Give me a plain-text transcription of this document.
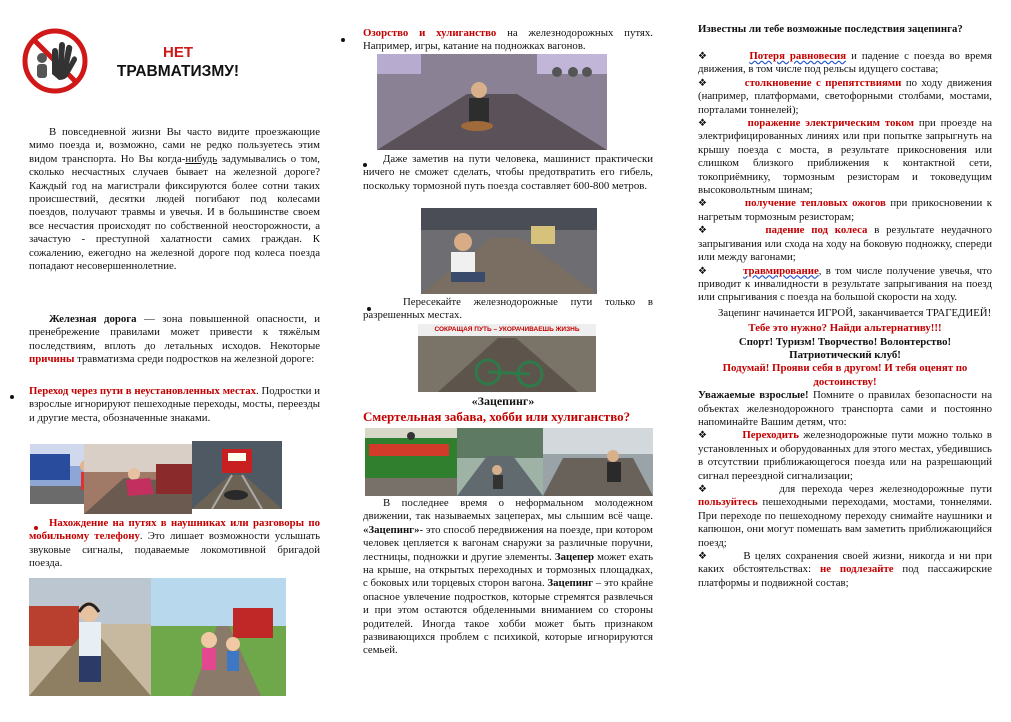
НЕТ
ТРАВМАТИЗМУ!

В повседневной жизни Вы часто видите проезжающие мимо поезда и, возможно, сами не редко пользуетесь этим видом транспорта. Но Вы когда-нибудь задумывались о том, сколько несчастных случаев бывает на железной дороге? Каждый год на магистрали фиксируются более сотни таких происшествий, десятки людей погибают под колесами поездов, получают травмы и увечья. И в большинстве своем все несчастия происходят по собственной неосторожности, а зачастую - преступной халатности самих граждан. К сожалению, ежегодно на железной дороге под колеса поезда попадают несовершеннолетние.

Железная дорога — зона повышенной опасности, и пренебрежение правилами может привести к тяжёлым последствиям, вплоть до летальных исходов. Некоторые причины травматизма среди подростков на железной дороге:

Переход через пути в неустановленных местах. Подростки и взрослые игнорируют пешеходные переходы, мосты, переезды и другие места, обозначенные знаками.

Нахождение на путях в наушниках или разговоры по мобильному телефону. Это лишает возможности услышать звуковые сигналы, подаваемые локомотивной бригадой поезда.

Озорство и хулиганство на железнодорожных путях. Например, игры, катание на подножках вагонов.

Даже заметив на пути человека, машинист практически ничего не сможет сделать, чтобы предотвратить его гибель, поскольку тормозной путь поезда составляет 600-800 метров.

Пересекайте железнодорожные пути только в разрешенных местах.

СОКРАЩАЯ ПУТЬ – УКОРАЧИВАЕШЬ ЖИЗНЬ

«Зацепинг»

Смертельная забава, хобби или хулиганство?

В последнее время о неформальном молодежном движении, так называемых зацеперах, мы слышим всё чаще. «Зацепинг»- это способ передвижения на поезде, при котором человек цепляется к вагонам снаружи за различные поручни, лестницы, подножки и другие элементы. Зацепер может ехать на крыше, на открытых переходных и тормозных площадках, с боковых или торцевых сторон вагона. Зацепинг – это крайне опасное увлечение подростков, которые стремятся развлечься и при этом остаются обделенными вниманием со стороны родителей. Иногда такое хобби может быть признаком развивающихся проблем с психикой, которые игнорируются семьей.

Известны ли тебе возможные последствия зацепинга?

❖	Потеря равновесия и падение с поезда во время движения, в том числе под рельсы идущего состава;

❖	столкновение с препятствиями по ходу движения (например, платформами, светофорными столбами, мостами, порталами тоннелей);

❖	поражение электрическим током при проезде на электрифицированных линиях или при попытке запрыгнуть на крышу поезда с моста, в результате прикосновения или слишком близкого приближения к контактной сети, токоприёмнику, тормозным резисторам и токоведущим высоковольтным шинам;

❖	получение тепловых ожогов при прикосновении к нагретым тормозным резисторам;

❖	падение под колеса в результате неудачного запрыгивания или схода на ходу на боковую подножку, спереди или между вагонами;

❖	травмирование, в том числе получение увечья, что приводит к инвалидности в результате запрыгивания на поезд или спрыгивания с поезда на большой скорости на ходу.

Зацепинг начинается ИГРОЙ, заканчивается ТРАГЕДИЕЙ!

Тебе это нужно? Найди альтернативу!!!

Спорт! Туризм! Творчество! Волонтерство! Патриотический клуб!

Подумай! Прояви себя в другом! И тебя оценят по достоинству!

Уважаемые взрослые! Помните о правилах безопасности на объектах железнодорожного транспорта сами и постоянно напоминайте Вашим детям, что:

❖	Переходить железнодорожные пути можно только в установленных и оборудованных для этого местах, убедившись в отсутствии приближающегося поезда или на разрешающий сигнал переездной сигнализации;

❖	для перехода через железнодорожные пути пользуйтесь пешеходными переходами, мостами, тоннелями. При переходе по пешеходному переходу снимайте наушники и капюшон, они могут помешать вам заметить приближающийся поезд;

❖	В целях сохранения своей жизни, никогда и ни при каких обстоятельствах: не подлезайте под пассажирские платформы и подвижной состав;
